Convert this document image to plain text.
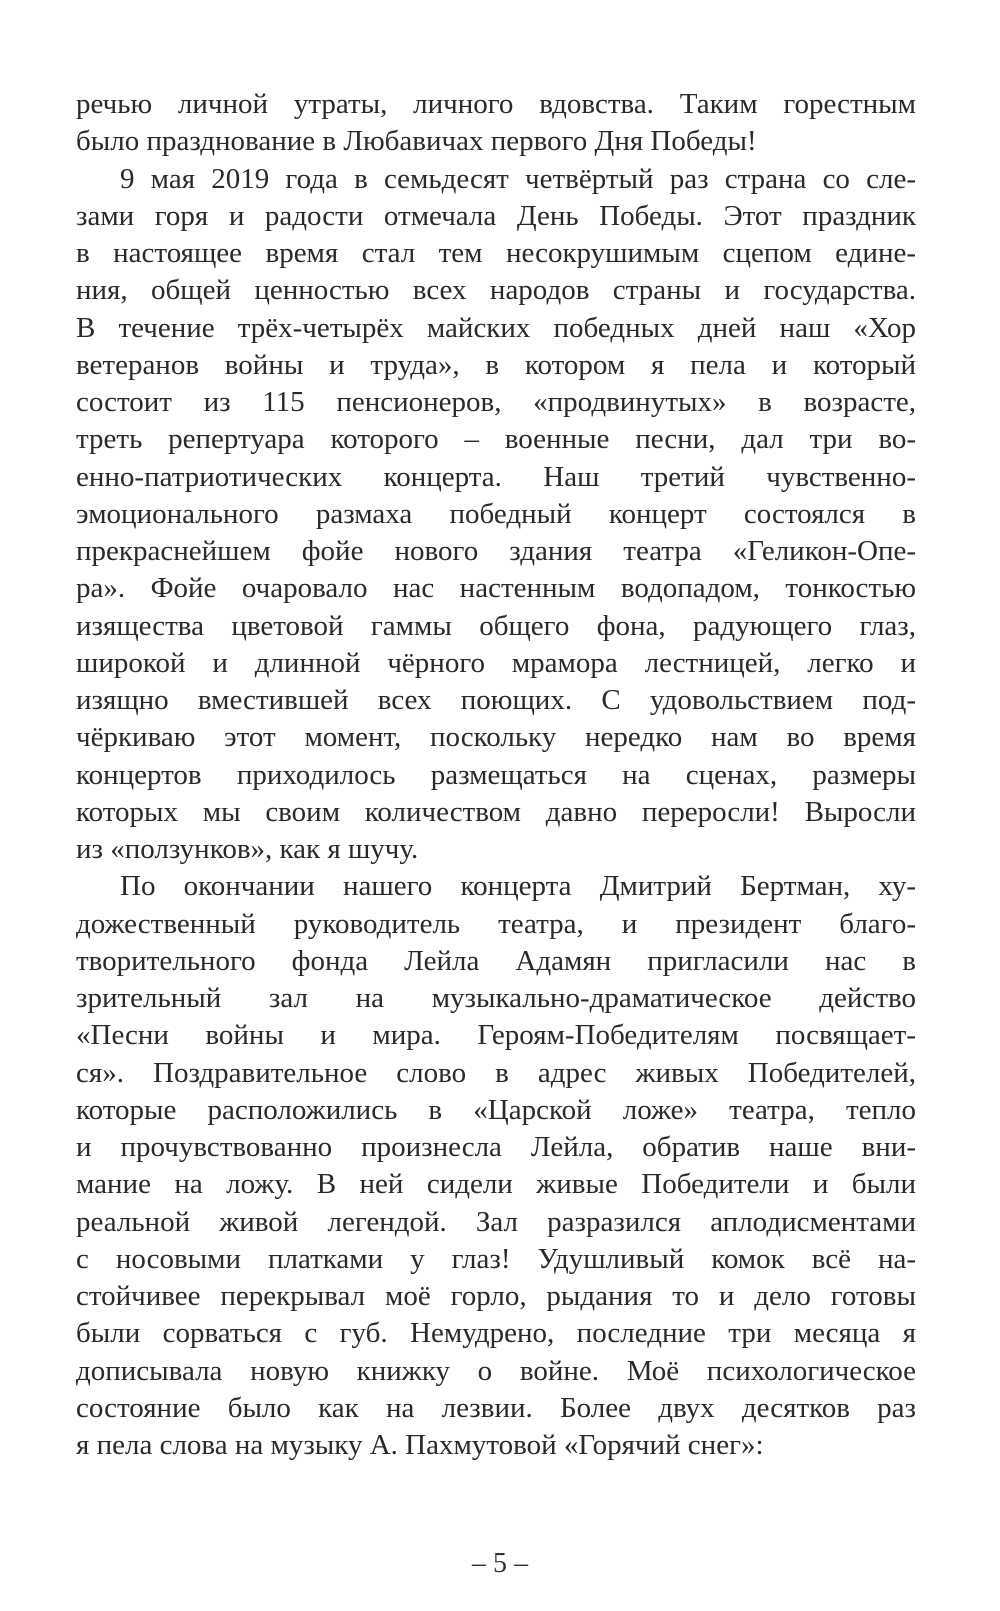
речью личной утраты, личного вдовства. Таким горестным
было празднование в Любавичах первого Дня Победы!
9 мая 2019 года в семьдесят четвёртый раз страна со сле-
зами горя и радости отмечала День Победы. Этот праздник
в настоящее время стал тем несокрушимым сцепом едине-
ния, общей ценностью всех народов страны и государства.
В течение трёх-четырёх майских победных дней наш «Хор
ветеранов войны и труда», в котором я пела и который
состоит из 115 пенсионеров, «продвинутых» в возрасте,
треть репертуара которого – военные песни, дал три во-
енно-патриотических концерта. Наш третий чувственно-
эмоционального размаха победный концерт состоялся в
прекраснейшем фойе нового здания театра «Геликон-Опе-
ра». Фойе очаровало нас настенным водопадом, тонкостью
изящества цветовой гаммы общего фона, радующего глаз,
широкой и длинной чёрного мрамора лестницей, легко и
изящно вместившей всех поющих. С удовольствием под-
чёркиваю этот момент, поскольку нередко нам во время
концертов приходилось размещаться на сценах, размеры
которых мы своим количеством давно переросли! Выросли
из «ползунков», как я шучу.
По окончании нашего концерта Дмитрий Бертман, ху-
дожественный руководитель театра, и президент благо-
творительного фонда Лейла Адамян пригласили нас в
зрительный зал на музыкально-драматическое действо
«Песни войны и мира. Героям-Победителям посвящает-
ся». Поздравительное слово в адрес живых Победителей,
которые расположились в «Царской ложе» театра, тепло
и прочувствованно произнесла Лейла, обратив наше вни-
мание на ложу. В ней сидели живые Победители и были
реальной живой легендой. Зал разразился аплодисментами
с носовыми платками у глаз! Удушливый комок всё на-
стойчивее перекрывал моё горло, рыдания то и дело готовы
были сорваться с губ. Немудрено, последние три месяца я
дописывала новую книжку о войне. Моё психологическое
состояние было как на лезвии. Более двух десятков раз
я пела слова на музыку А. Пахмутовой «Горячий снег»:
– 5 –
